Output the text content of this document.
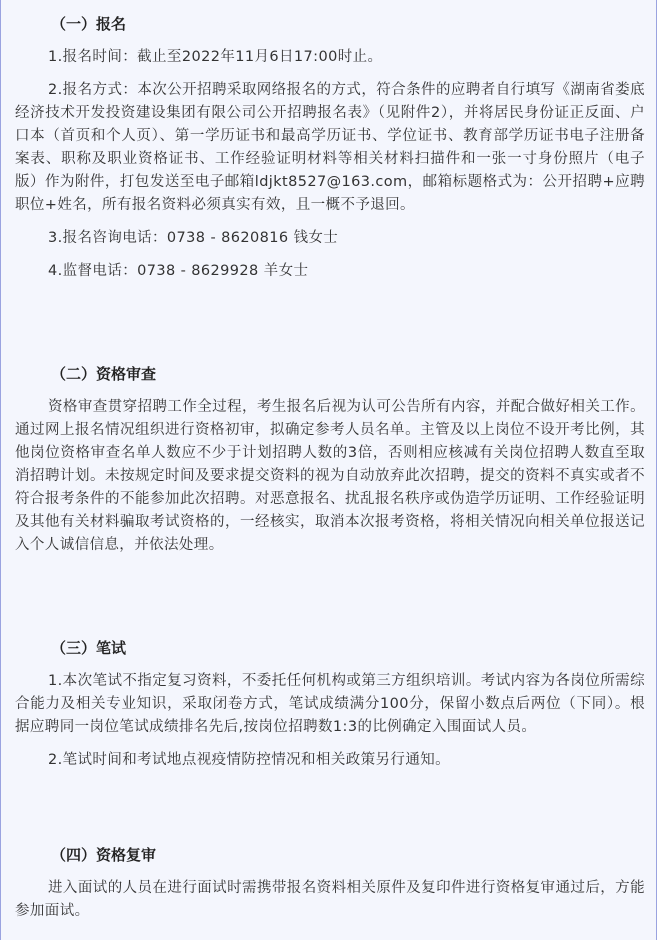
（一）报名

1.报名时间：截止至2022年11月6日17:00时止。

2.报名方式：本次公开招聘采取网络报名的方式，符合条件的应聘者自行填写《湖南省娄底经济技术开发投资建设集团有限公司公开招聘报名表》（见附件2），并将居民身份证正反面、户口本（首页和个人页）、第一学历证书和最高学历证书、学位证书、教育部学历证书电子注册备案表、职称及职业资格证书、工作经验证明材料等相关材料扫描件和一张一寸身份照片（电子版）作为附件，打包发送至电子邮箱ldjkt8527@163.com，邮箱标题格式为：公开招聘+应聘职位+姓名，所有报名资料必须真实有效，且一概不予退回。

3.报名咨询电话：0738 - 8620816 钱女士

4.监督电话：0738 - 8629928 羊女士

（二）资格审查

资格审查贯穿招聘工作全过程，考生报名后视为认可公告所有内容，并配合做好相关工作。通过网上报名情况组织进行资格初审，拟确定参考人员名单。主管及以上岗位不设开考比例，其他岗位资格审查名单人数应不少于计划招聘人数的3倍，否则相应核减有关岗位招聘人数直至取消招聘计划。未按规定时间及要求提交资料的视为自动放弃此次招聘，提交的资料不真实或者不符合报考条件的不能参加此次招聘。对恶意报名、扰乱报名秩序或伪造学历证明、工作经验证明及其他有关材料骗取考试资格的，一经核实，取消本次报考资格，将相关情况向相关单位报送记入个人诚信信息，并依法处理。

（三）笔试

1.本次笔试不指定复习资料，不委托任何机构或第三方组织培训。考试内容为各岗位所需综合能力及相关专业知识，采取闭卷方式，笔试成绩满分100分，保留小数点后两位（下同）。根据应聘同一岗位笔试成绩排名先后,按岗位招聘数1:3的比例确定入围面试人员。

2.笔试时间和考试地点视疫情防控情况和相关政策另行通知。

（四）资格复审

进入面试的人员在进行面试时需携带报名资料相关原件及复印件进行资格复审通过后，方能参加面试。
